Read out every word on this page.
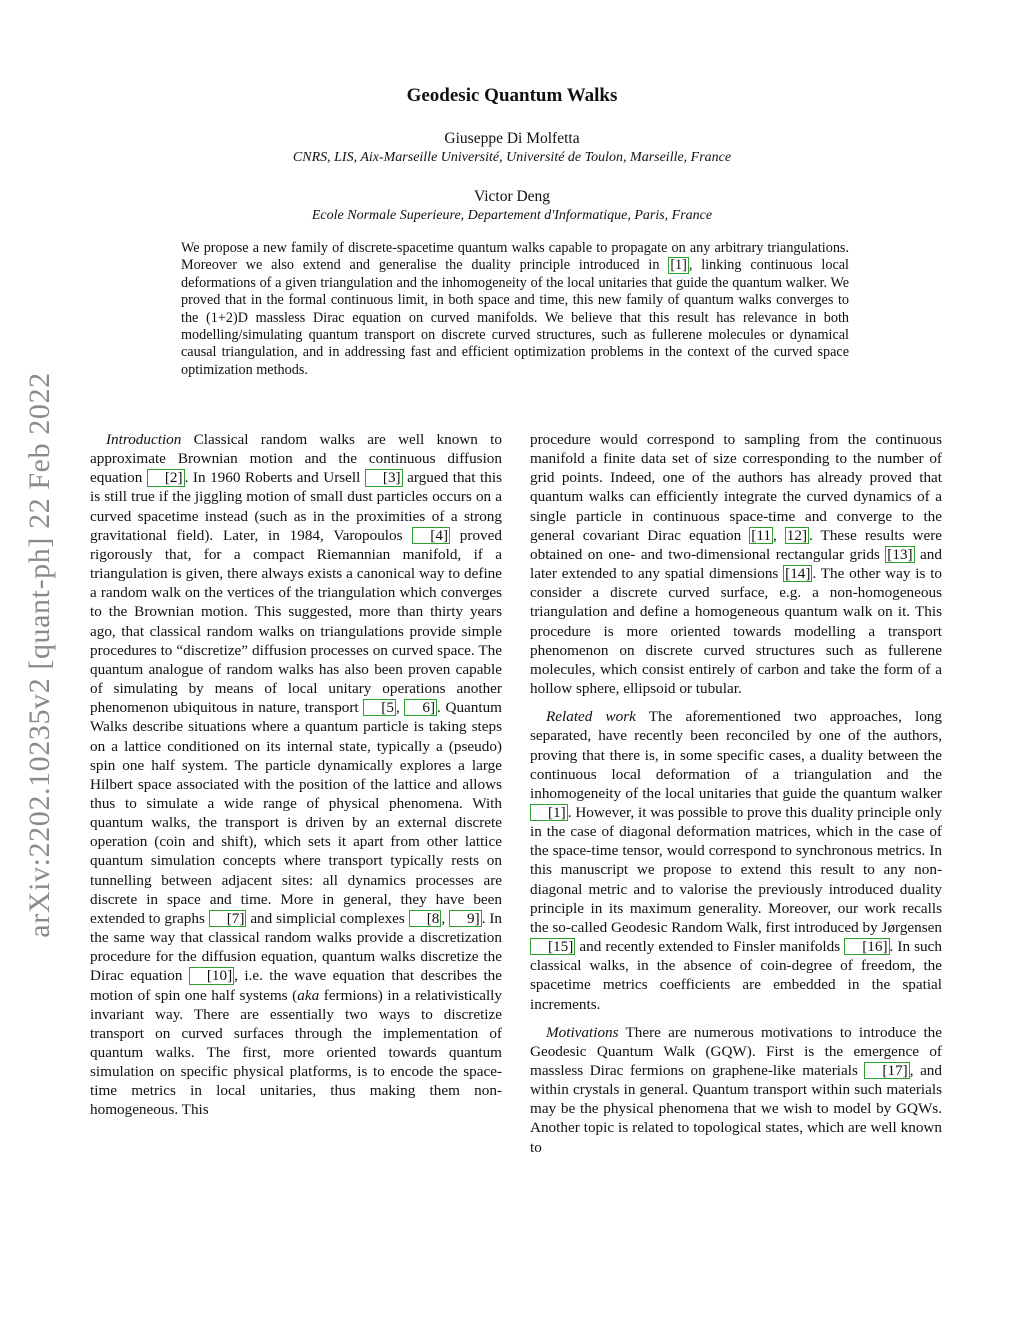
arXiv:2202.10235v2 [quant-ph] 22 Feb 2022
Geodesic Quantum Walks
Giuseppe Di Molfetta
CNRS, LIS, Aix-Marseille Université, Université de Toulon, Marseille, France
Victor Deng
Ecole Normale Superieure, Departement d'Informatique, Paris, France
We propose a new family of discrete-spacetime quantum walks capable to propagate on any arbitrary triangulations. Moreover we also extend and generalise the duality principle introduced in [1] , linking continuous local deformations of a given triangulation and the inhomogeneity of the local unitaries that guide the quantum walker. We proved that in the formal continuous limit, in both space and time, this new family of quantum walks converges to the (1+2)D massless Dirac equation on curved manifolds. We believe that this result has relevance in both modelling/simulating quantum transport on discrete curved structures, such as fullerene molecules or dynamical causal triangulation, and in addressing fast and efficient optimization problems in the context of the curved space optimization methods.

Introduction Classical random walks are well known to approximate Brownian motion and the continuous diffusion equation [2] . In 1960 Roberts and Ursell [3] argued that this is still true if the jiggling motion of small dust particles occurs on a curved spacetime instead (such as in the proximities of a strong gravitational field). Later, in 1984, Varopoulos [4] proved rigorously that, for a compact Riemannian manifold, if a triangulation is given, there always exists a canonical way to define a random walk on the vertices of the triangulation which converges to the Brownian motion. This suggested, more than thirty years ago, that classical random walks on triangulations provide simple procedures to “discretize” diffusion processes on curved space. The quantum analogue of random walks has also been proven capable of simulating by means of local unitary operations another phenomenon ubiquitous in nature, transport [5 , 6] . Quantum Walks describe situations where a quantum particle is taking steps on a lattice conditioned on its internal state, typically a (pseudo) spin one half system. The particle dynamically explores a large Hilbert space associated with the position of the lattice and allows thus to simulate a wide range of physical phenomena. With quantum walks, the transport is driven by an external discrete operation (coin and shift), which sets it apart from other lattice quantum simulation concepts where transport typically rests on tunnelling between adjacent sites: all dynamics processes are discrete in space and time. More in general, they have been extended to graphs [7] and simplicial complexes [8 , 9] . In the same way that classical random walks provide a discretization procedure for the diffusion equation, quantum walks discretize the Dirac equation [10] , i.e. the wave equation that describes the motion of spin one half systems (aka fermions) in a relativistically invariant way. There are essentially two ways to discretize transport on curved surfaces through the implementation of quantum walks. The first, more oriented towards quantum simulation on specific physical platforms, is to encode the space-time metrics in local unitaries, thus making them non-homogeneous. This

procedure would correspond to sampling from the continuous manifold a finite data set of size corresponding to the number of grid points. Indeed, one of the authors has already proved that quantum walks can efficiently integrate the curved dynamics of a single particle in continuous space-time and converge to the general covariant Dirac equation [11 , 12] . These results were obtained on one- and two-dimensional rectangular grids [13] and later extended to any spatial dimensions [14] . The other way is to consider a discrete curved surface, e.g. a non-homogeneous triangulation and define a homogeneous quantum walk on it. This procedure is more oriented towards modelling a transport phenomenon on discrete curved structures such as fullerene molecules, which consist entirely of carbon and take the form of a hollow sphere, ellipsoid or tubular.

Related work The aforementioned two approaches, long separated, have recently been reconciled by one of the authors, proving that there is, in some specific cases, a duality between the continuous local deformation of a triangulation and the inhomogeneity of the local unitaries that guide the quantum walker [1] . However, it was possible to prove this duality principle only in the case of diagonal deformation matrices, which in the case of the space-time tensor, would correspond to synchronous metrics. In this manuscript we propose to extend this result to any non-diagonal metric and to valorise the previously introduced duality principle in its maximum generality. Moreover, our work recalls the so-called Geodesic Random Walk, first introduced by Jørgensen [15] and recently extended to Finsler manifolds [16] . In such classical walks, in the absence of coin-degree of freedom, the spacetime metrics coefficients are embedded in the spatial increments.

Motivations There are numerous motivations to introduce the Geodesic Quantum Walk (GQW). First is the emergence of massless Dirac fermions on graphene-like materials [17] , and within crystals in general. Quantum transport within such materials may be the physical phenomena that we wish to model by GQWs. Another topic is related to topological states, which are well known to
